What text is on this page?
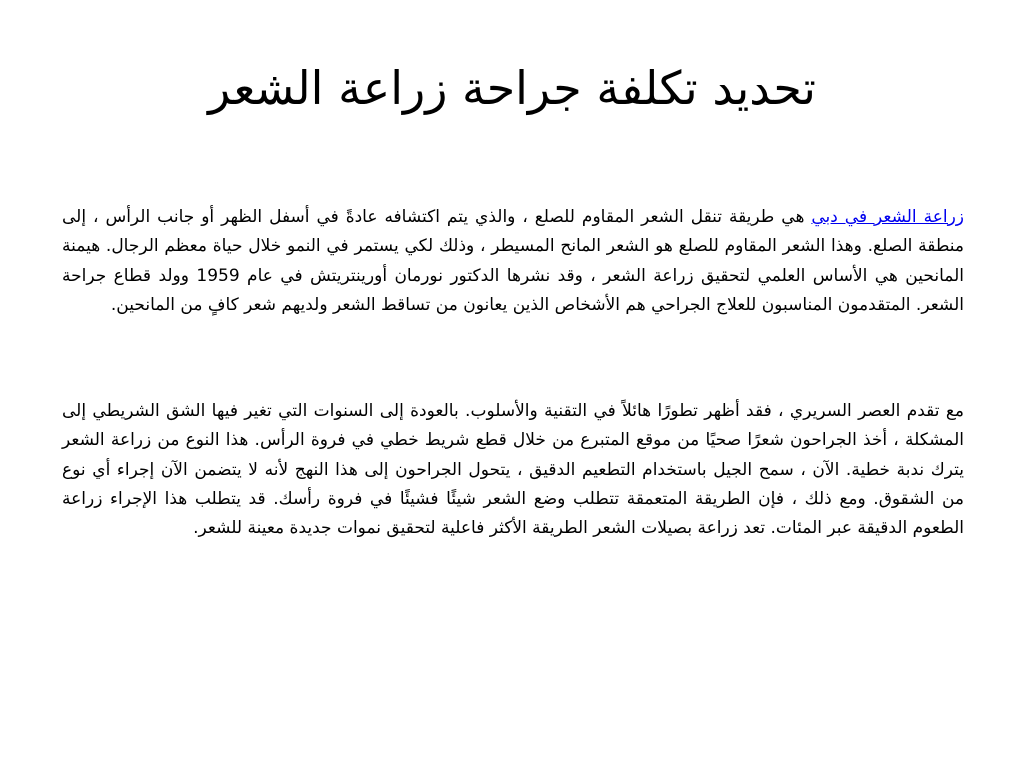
تحديد تكلفة جراحة زراعة الشعر

زراعة الشعر في دبي هي طريقة تنقل الشعر المقاوم للصلع ، والذي يتم اكتشافه عادةً في أسفل الظهر أو جانب الرأس ، إلى منطقة الصلع. وهذا الشعر المقاوم للصلع هو الشعر المانح المسيطر ، وذلك لكي يستمر في النمو خلال حياة معظم الرجال. هيمنة المانحين هي الأساس العلمي لتحقيق زراعة الشعر ، وقد نشرها الدكتور نورمان أورينتريتش في عام 1959 وولد قطاع جراحة الشعر. المتقدمون المناسبون للعلاج الجراحي هم الأشخاص الذين يعانون من تساقط الشعر ولديهم شعر كافٍ من المانحين.

مع تقدم العصر السريري ، فقد أظهر تطورًا هائلاً في التقنية والأسلوب. بالعودة إلى السنوات التي تغير فيها الشق الشريطي إلى المشكلة ، أخذ الجراحون شعرًا صحيًا من موقع المتبرع من خلال قطع شريط خطي في فروة الرأس. هذا النوع من زراعة الشعر يترك ندبة خطية. الآن ، سمح الجيل باستخدام التطعيم الدقيق ، يتحول الجراحون إلى هذا النهج لأنه لا يتضمن الآن إجراء أي نوع من الشقوق. ومع ذلك ، فإن الطريقة المتعمقة تتطلب وضع الشعر شيئًا فشيئًا في فروة رأسك. قد يتطلب هذا الإجراء زراعة الطعوم الدقيقة عبر المئات. تعد زراعة بصيلات الشعر الطريقة الأكثر فاعلية لتحقيق نموات جديدة معينة للشعر.
